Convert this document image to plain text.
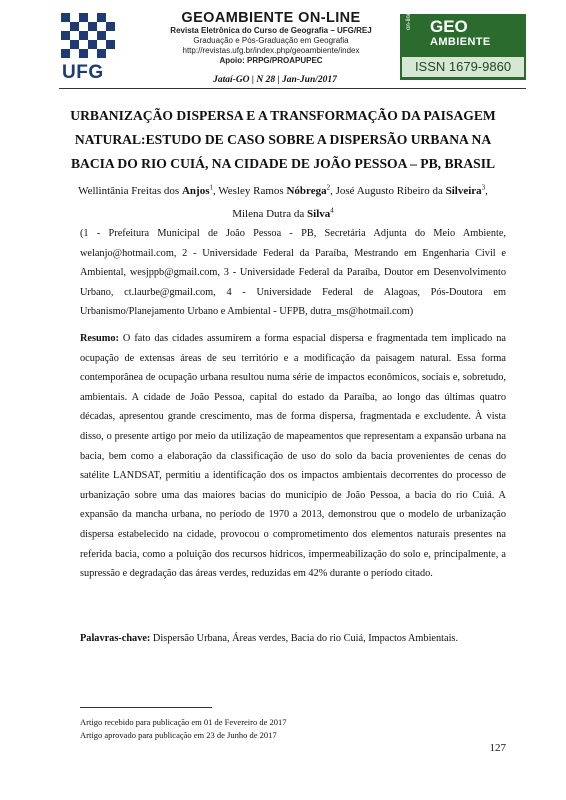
UFG
GEOAMBIENTE ON-LINE
Revista Eletrônica do Curso de Geografia – UFG/REJ
Graduação e Pós-Graduação em Geografia
http://revistas.ufg.br/index.php/geoambiente/index
Apoio: PRPG/PROAPUPEC
Jataí-GO | N 28 | Jan-Jun/2017
on-line GEO
AMBIENTE
ISSN 1679-9860
URBANIZAÇÃO DISPERSA E A TRANSFORMAÇÃO DA PAISAGEM
NATURAL:ESTUDO DE CASO SOBRE A DISPERSÃO URBANA NA
BACIA DO RIO CUIÁ, NA CIDADE DE JOÃO PESSOA – PB, BRASIL
Wellintânia Freitas dos Anjos$^1$, Wesley Ramos Nóbrega$^2$, José Augusto Ribeiro da Silveira$^3$,
Milena Dutra da Silva$^4$
(1 - Prefeitura Municipal de João Pessoa - PB, Secretária Adjunta do Meio Ambiente, welanjo@hotmail.com, 2 - Universidade Federal da Paraíba, Mestrando em Engenharia Civil e Ambiental, wesjppb@gmail.com, 3 - Universidade Federal da Paraíba, Doutor em Desenvolvimento Urbano, ct.laurbe@gmail.com, 4 - Universidade Federal de Alagoas, Pós-Doutora em Urbanismo/Planejamento Urbano e Ambiental - UFPB, dutra_ms@hotmail.com)
Resumo: O fato das cidades assumirem a forma espacial dispersa e fragmentada tem implicado na ocupação de extensas áreas de seu território e a modificação da paisagem natural. Essa forma contemporânea de ocupação urbana resultou numa série de impactos econômicos, sociais e, sobretudo, ambientais. A cidade de João Pessoa, capital do estado da Paraíba, ao longo das últimas quatro décadas, apresentou grande crescimento, mas de forma dispersa, fragmentada e excludente. À vista disso, o presente artigo por meio da utilização de mapeamentos que representam a expansão urbana na bacia, bem como a elaboração da classificação de uso do solo da bacia provenientes de cenas do satélite LANDSAT, permitiu a identificação dos os impactos ambientais decorrentes do processo de urbanização sobre uma das maiores bacias do município de João Pessoa, a bacia do rio Cuiá. A expansão da mancha urbana, no período de 1970 a 2013, demonstrou que o modelo de urbanização dispersa estabelecido na cidade, provocou o comprometimento dos elementos naturais presentes na referida bacia, como a poluição dos recursos hídricos, impermeabilização do solo e, principalmente, a supressão e degradação das áreas verdes, reduzidas em 42% durante o período citado.
Palavras-chave: Dispersão Urbana, Áreas verdes, Bacia do rio Cuiá, Impactos Ambientais.
Artigo recebido para publicação em 01 de Fevereiro de 2017
Artigo aprovado para publicação em 23 de Junho de 2017
127
